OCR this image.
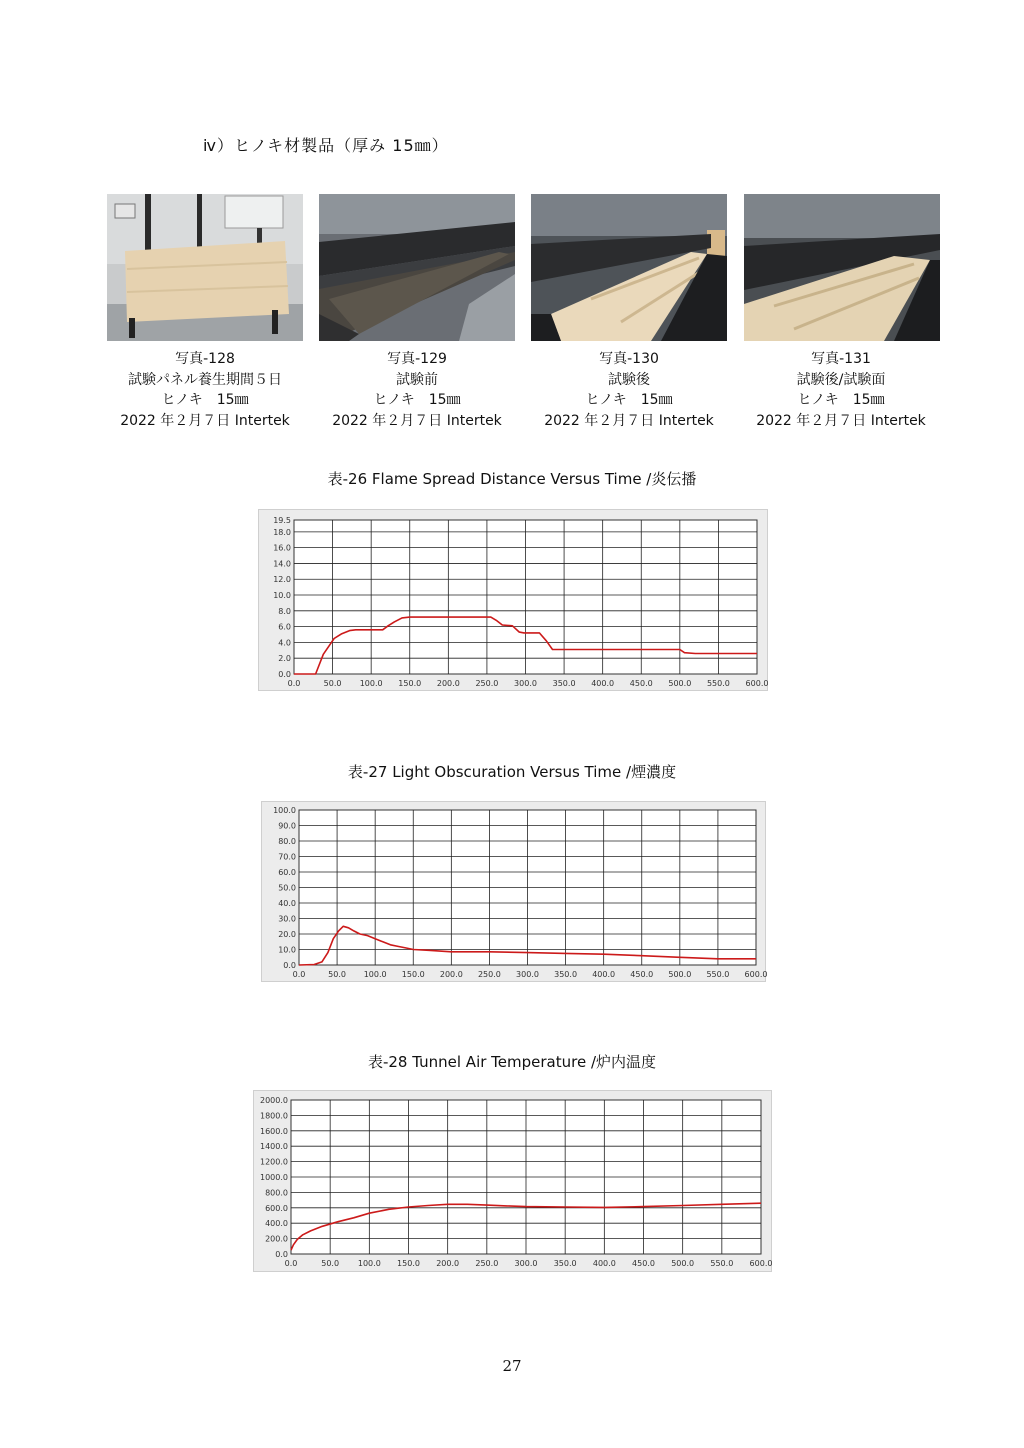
ⅳ）ヒノキ材製品（厚み 15㎜）
写真-128
試験パネル養生期間５日
ヒノキ　15㎜
2022 年２月７日 Intertek
写真-129
試験前
ヒノキ　15㎜
2022 年２月７日 Intertek
写真-130
試験後
ヒノキ　15㎜
2022 年２月７日 Intertek
写真-131
試験後/試験面
ヒノキ　15㎜
2022 年２月７日 Intertek
表-26 Flame Spread Distance Versus Time /炎伝播
0.0	50.0 100.0 150.0 200.0 250.0 300.0 350.0 400.0 450.0 500.0 550.0 600.0
0.0
2.0
4.0
6.0
8.0
10.0
12.0
14.0
16.0
18.0
19.5
表-27 Light Obscuration Versus Time /煙濃度
0.0	50.0 100.0 150.0 200.0 250.0 300.0 350.0 400.0 450.0 500.0 550.0 600.0
0.0
10.0
20.0
30.0
40.0
50.0
60.0
70.0
80.0
90.0
100.0
表-28 Tunnel Air Temperature /炉内温度
0.0	50.0 100.0 150.0 200.0 250.0 300.0 350.0 400.0 450.0 500.0 550.0 600.0
0.0
200.0
400.0
600.0
800.0
1000.0
1200.0
1400.0
1600.0
1800.0
2000.0
27
